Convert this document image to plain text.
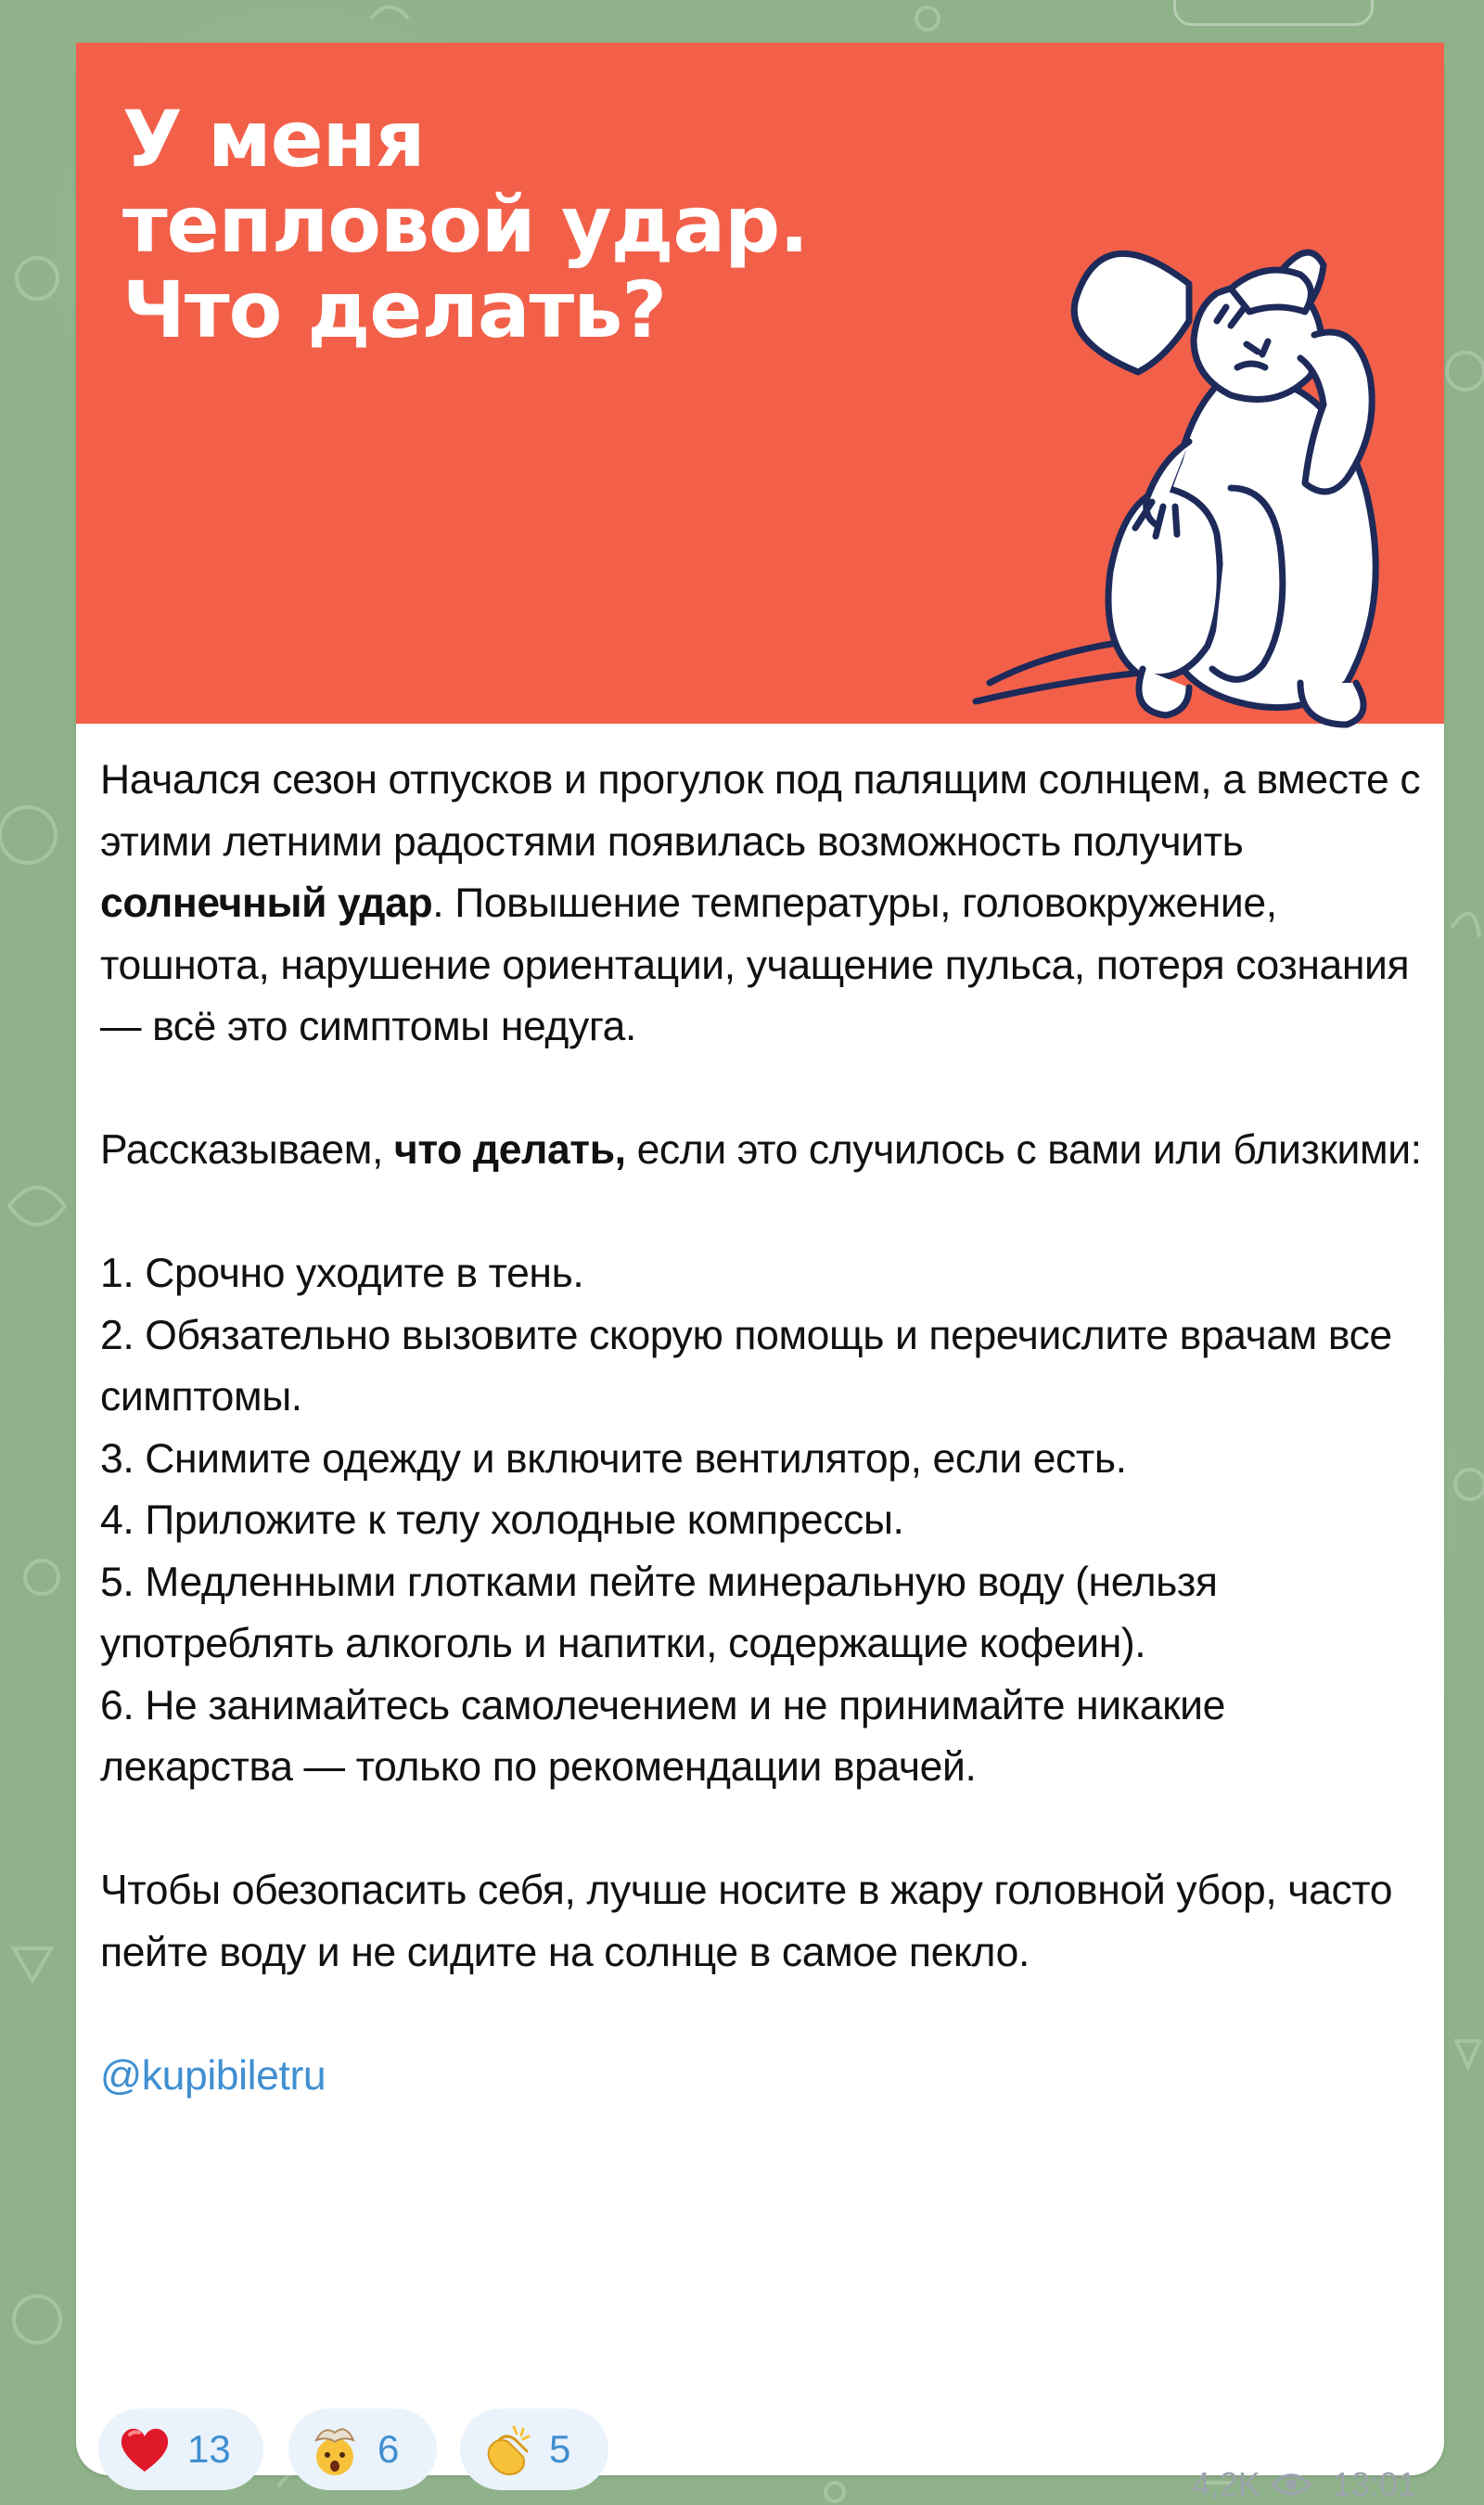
У меня
тепловой удар.
Что делать?

Начался сезон отпусков и прогулок под палящим солнцем, а вместе с этими летними радостями появилась возможность получить солнечный удар. Повышение температуры, головокружение, тошнота, нарушение ориентации, учащение пульса, потеря сознания — всё это симптомы недуга.

Рассказываем, что делать, если это случилось с вами или близкими:

1. Срочно уходите в тень.

2. Обязательно вызовите скорую помощь и перечислите врачам все симптомы.

3. Снимите одежду и включите вентилятор, если есть.

4. Приложите к телу холодные компрессы.

5. Медленными глотками пейте минеральную воду (нельзя употреблять алкоголь и напитки, содержащие кофеин).

6. Не занимайтесь самолечением и не принимайте никакие лекарства — только по рекомендации врачей.

Чтобы обезопасить себя, лучше носите в жару головной убор, часто пейте воду и не сидите на солнце в самое пекло.

@kupibiletru

13	6	5
4,2K 13:01
